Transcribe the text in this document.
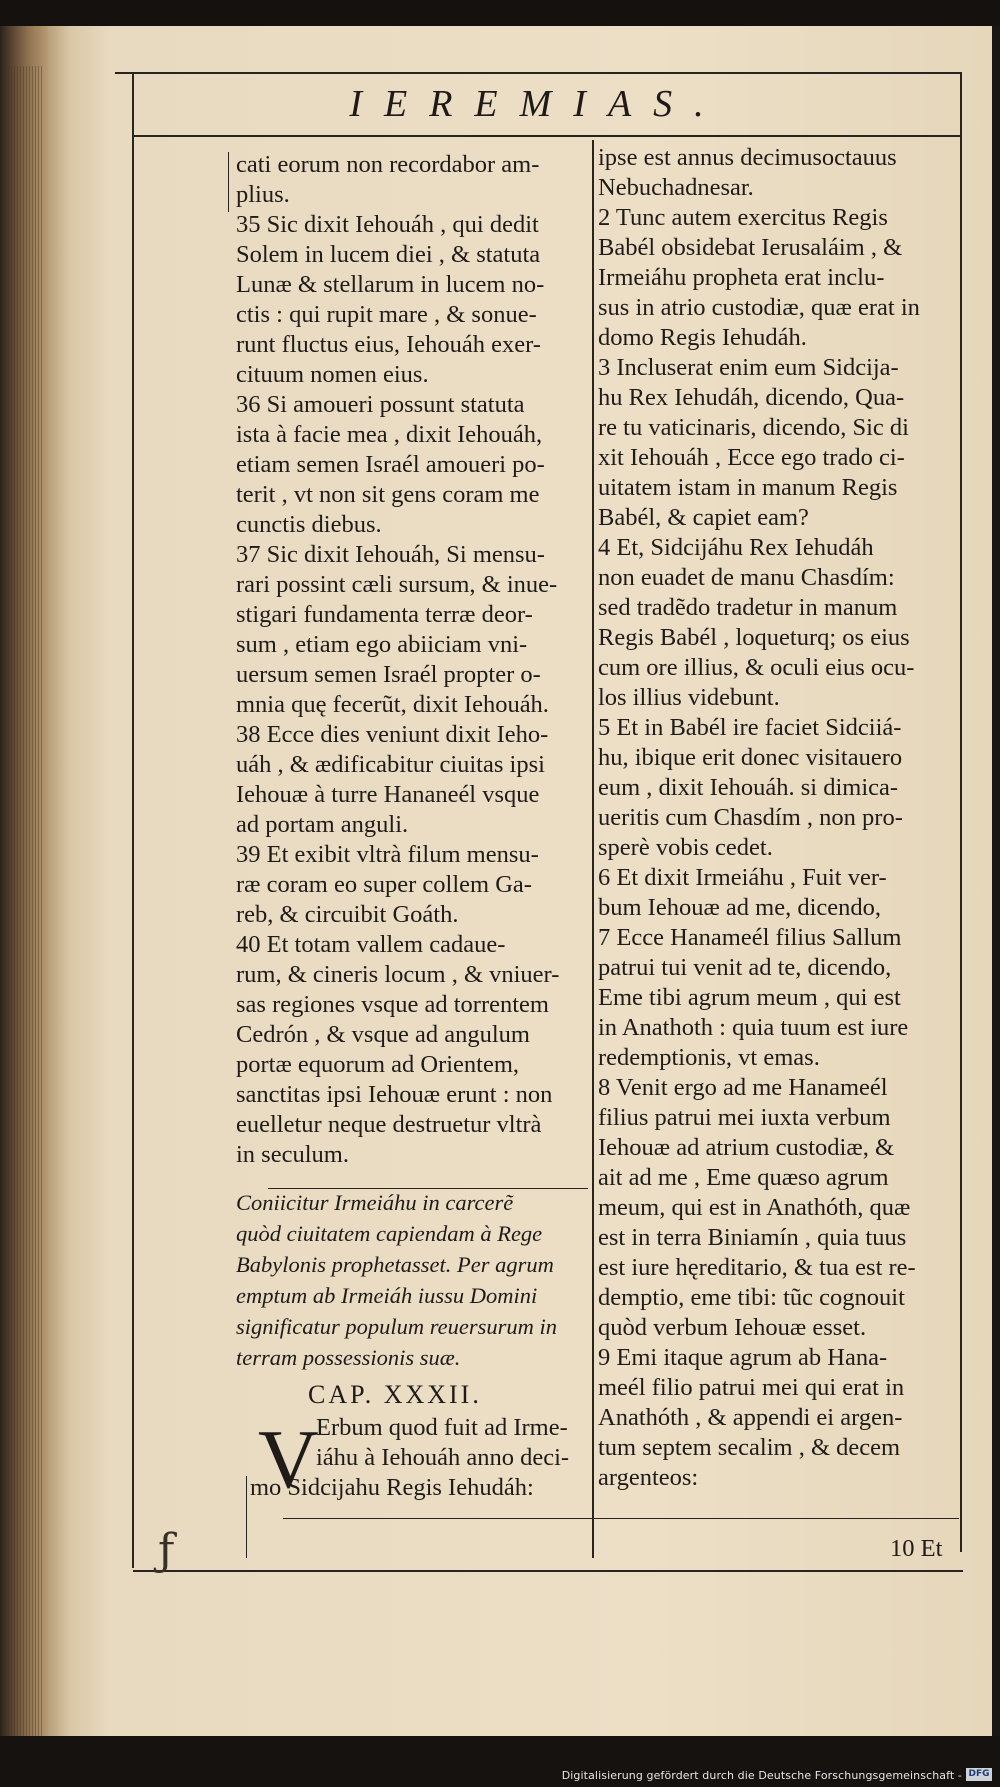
IEREMIAS.
cati eorum non recordabor am-
plius.
35 Sic dixit Iehouáh , qui dedit
Solem in lucem diei , & statuta
Lunæ & stellarum in lucem no-
ctis : qui rupit mare , & sonue-
runt fluctus eius, Iehouáh exer-
cituum nomen eius.
36 Si amoueri possunt statuta
ista à facie mea , dixit Iehouáh,
etiam semen Israél amoueri po-
terit , vt non sit gens coram me
cunctis diebus.
37 Sic dixit Iehouáh, Si mensu-
rari possint cæli sursum, & inue-
stigari fundamenta terræ deor-
sum , etiam ego abiiciam vni-
uersum semen Israél propter o-
mnia quę fecerũt, dixit Iehouáh.
38 Ecce dies veniunt dixit Ieho-
uáh , & ædificabitur ciuitas ipsi
Iehouæ à turre Hananeél vsque
ad portam anguli.
39 Et exibit vltrà filum mensu-
ræ coram eo super collem Ga-
reb, & circuibit Goáth.
40 Et totam vallem cadaue-
rum, & cineris locum , & vniuer-
sas regiones vsque ad torrentem
Cedrón , & vsque ad angulum
portæ equorum ad Orientem,
sanctitas ipsi Iehouæ erunt : non
euelletur neque destruetur vltrà
in seculum.
Coniicitur Irmeiáhu in carcerẽ
quòd ciuitatem capiendam à Rege
Babylonis prophetasset. Per agrum
emptum ab Irmeiáh iussu Domini
significatur populum reuersurum in
terram possessionis suæ.
CAP. XXXII.
V
Erbum quod fuit ad Irme-
iáhu à Iehouáh anno deci-
mo Sidcijahu Regis Iehudáh:
ipse est annus decimusoctauus
Nebuchadnesar.
2 Tunc autem exercitus Regis
Babél obsidebat Ierusaláim , &
Irmeiáhu propheta erat inclu-
sus in atrio custodiæ, quæ erat in
domo Regis Iehudáh.
3 Incluserat enim eum Sidcija-
hu Rex Iehudáh, dicendo, Qua-
re tu vaticinaris, dicendo, Sic di
xit Iehouáh , Ecce ego trado ci-
uitatem istam in manum Regis
Babél, & capiet eam?
4 Et, Sidcijáhu Rex Iehudáh
non euadet de manu Chasdím:
sed tradẽdo tradetur in manum
Regis Babél , loqueturq; os eius
cum ore illius, & oculi eius ocu-
los illius videbunt.
5 Et in Babél ire faciet Sidciiá-
hu, ibique erit donec visitauero
eum , dixit Iehouáh. si dimica-
ueritis cum Chasdím , non pro-
sperè vobis cedet.
6 Et dixit Irmeiáhu , Fuit ver-
bum Iehouæ ad me, dicendo,
7 Ecce Hanameél filius Sallum
patrui tui venit ad te, dicendo,
Eme tibi agrum meum , qui est
in Anathoth : quia tuum est iure
redemptionis, vt emas.
8 Venit ergo ad me Hanameél
filius patrui mei iuxta verbum
Iehouæ ad atrium custodiæ, &
ait ad me , Eme quæso agrum
meum, qui est in Anathóth, quæ
est in terra Biniamín , quia tuus
est iure hęreditario, & tua est re-
demptio, eme tibi: tũc cognouit
quòd verbum Iehouæ esset.
9 Emi itaque agrum ab Hana-
meél filio patrui mei qui erat in
Anathóth , & appendi ei argen-
tum septem secalim , & decem
argenteos:
10 Et
ƒ
Digitalisierung gefördert durch die Deutsche Forschungsgemeinschaft - DFG
